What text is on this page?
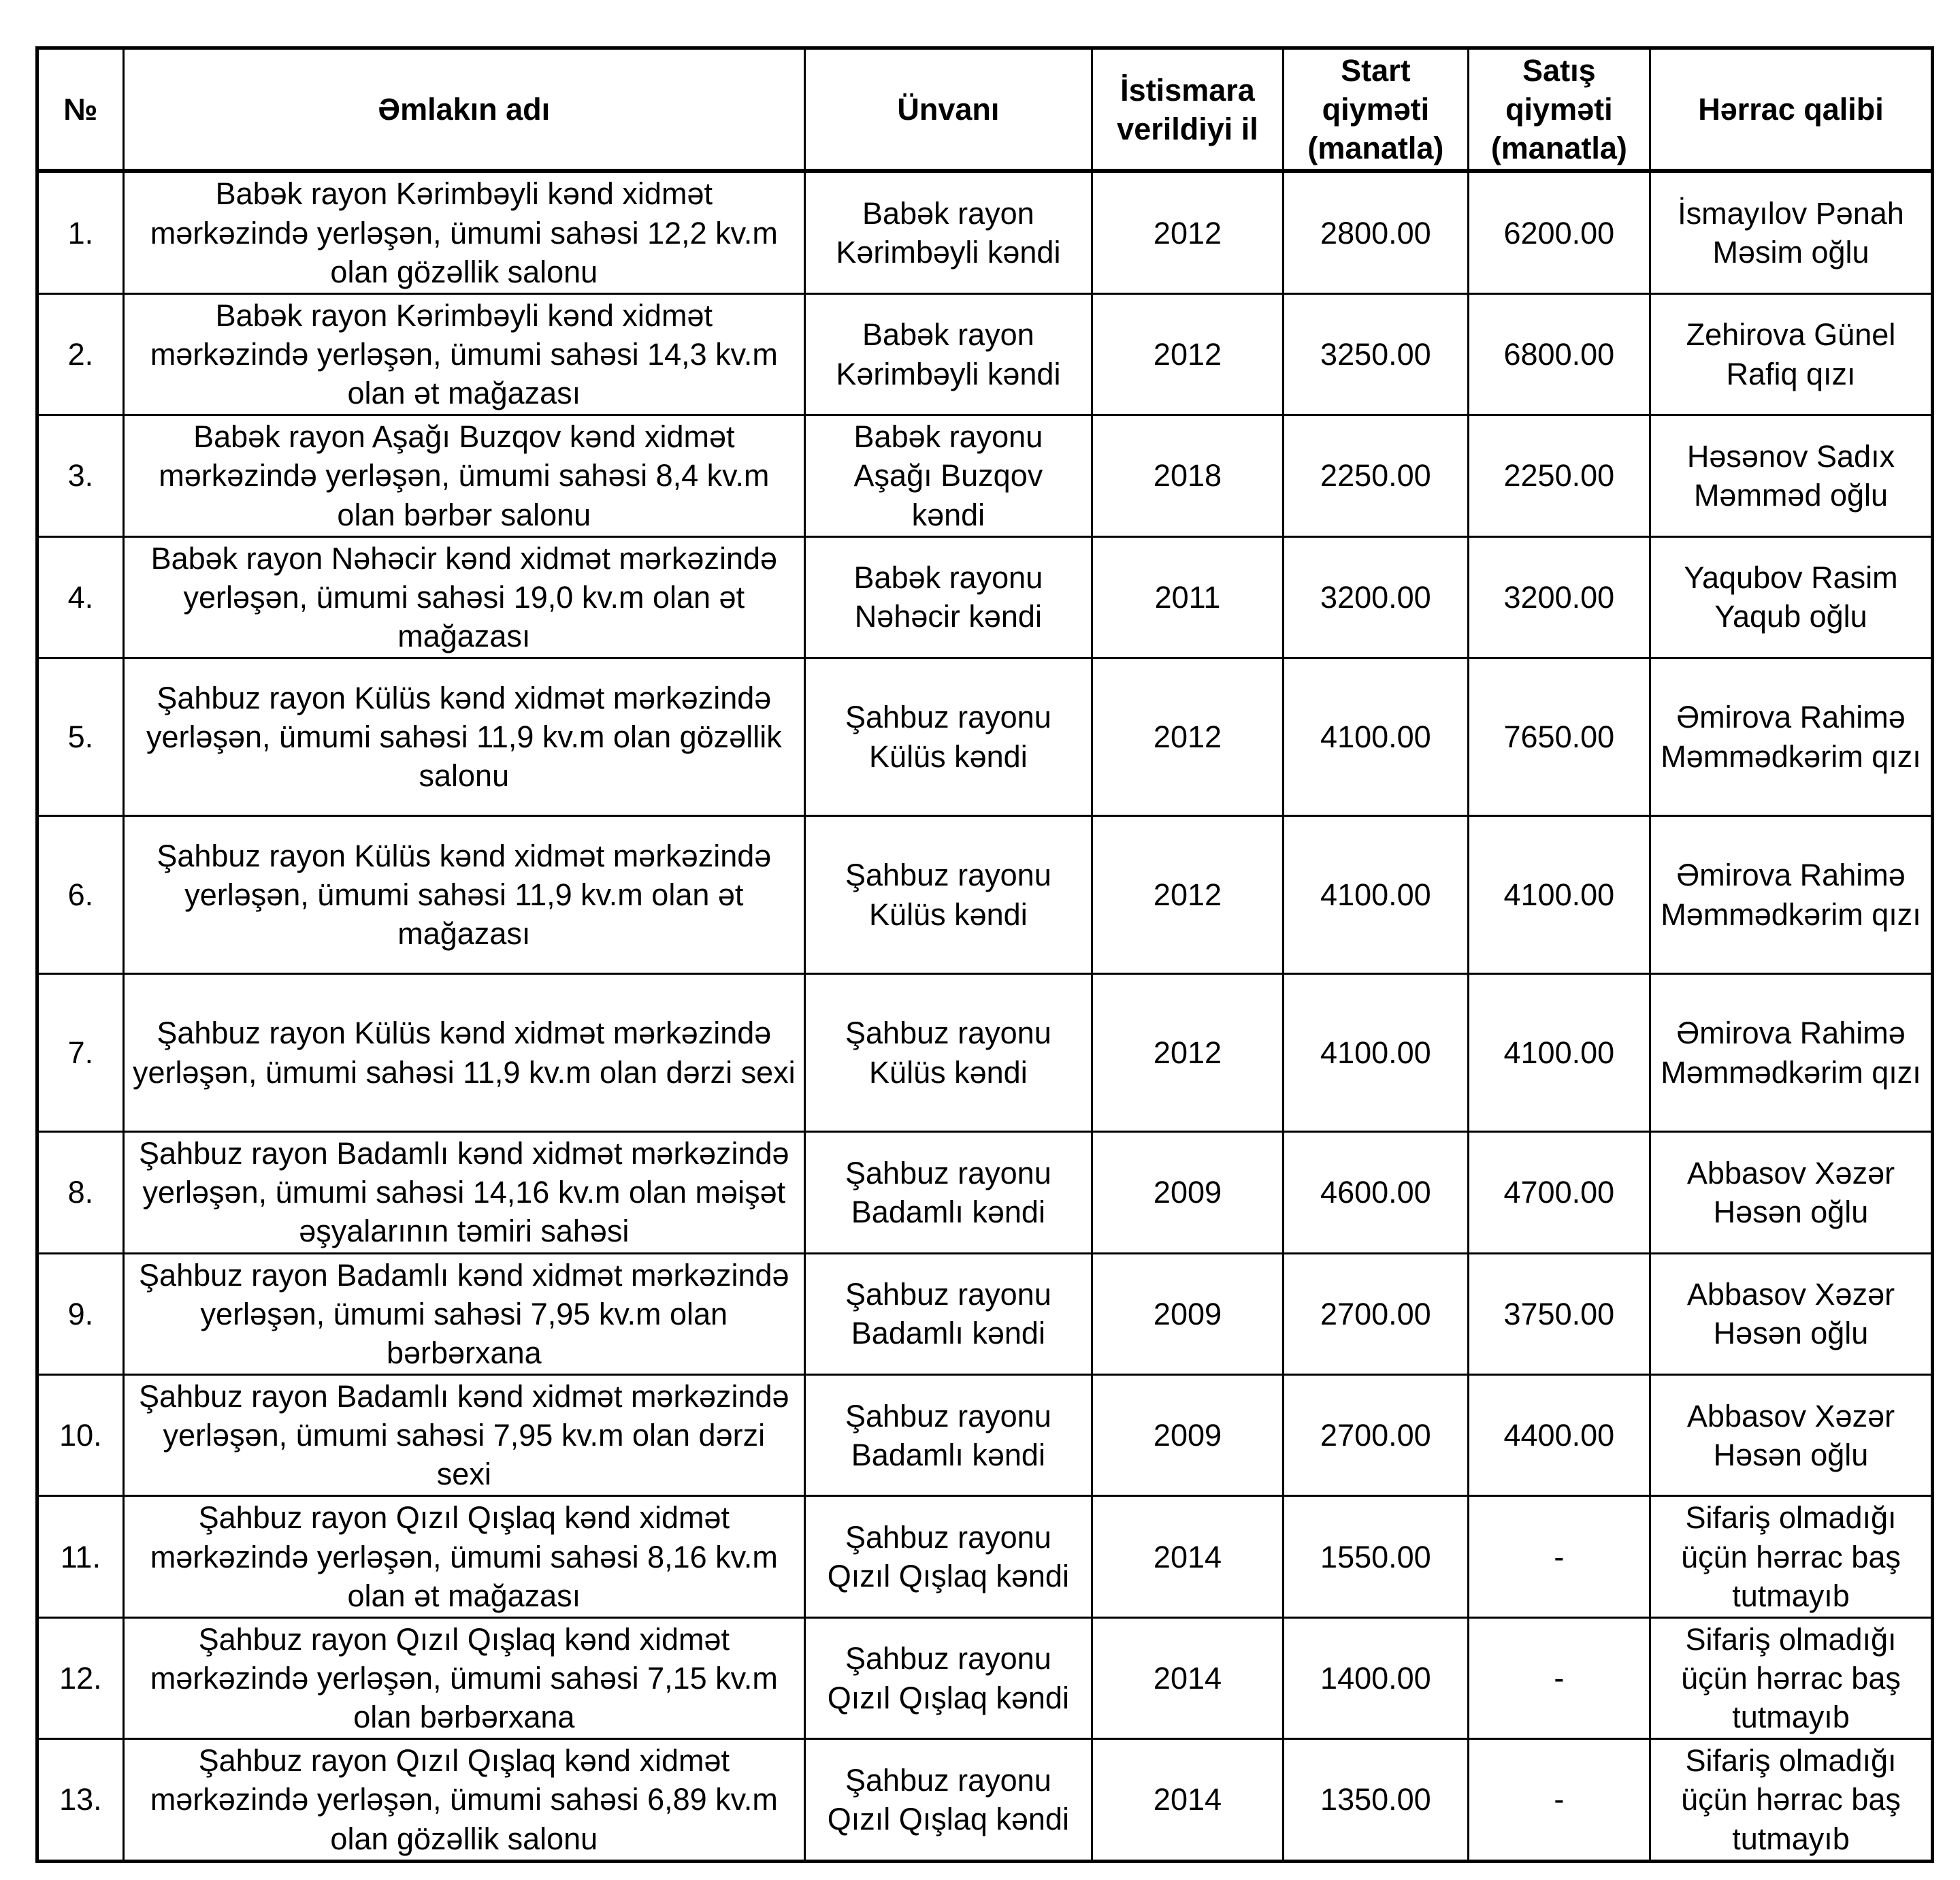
№	Əmlakın adı	Ünvanı	İstismara verildiyi il	Start qiyməti (manatla)	Satış qiyməti (manatla)	Hərrac qalibi
1.	Babək rayon Kərimbəyli kənd xidmət mərkəzində yerləşən, ümumi sahəsi 12,2 kv.m olan gözəllik salonu	Babək rayon Kərimbəyli kəndi	2012	2800.00	6200.00	İsmayılov Pənah Məsim oğlu
2.	Babək rayon Kərimbəyli kənd xidmət mərkəzində yerləşən, ümumi sahəsi 14,3 kv.m olan ət mağazası	Babək rayon Kərimbəyli kəndi	2012	3250.00	6800.00	Zehirova Günel Rafiq qızı
3.	Babək rayon Aşağı Buzqov kənd xidmət mərkəzində yerləşən, ümumi sahəsi 8,4 kv.m olan bərbər salonu	Babək rayonu Aşağı Buzqov kəndi	2018	2250.00	2250.00	Həsənov Sadıx Məmməd oğlu
4.	Babək rayon Nəhəcir kənd xidmət mərkəzində yerləşən, ümumi sahəsi 19,0 kv.m olan ət mağazası	Babək rayonu Nəhəcir kəndi	2011	3200.00	3200.00	Yaqubov Rasim Yaqub oğlu
5.	Şahbuz rayon Külüs kənd xidmət mərkəzində yerləşən, ümumi sahəsi 11,9 kv.m olan gözəllik salonu	Şahbuz rayonu Külüs kəndi	2012	4100.00	7650.00	Əmirova Rahimə Məmmədkərim qızı
6.	Şahbuz rayon Külüs kənd xidmət mərkəzində yerləşən, ümumi sahəsi 11,9 kv.m olan ət mağazası	Şahbuz rayonu Külüs kəndi	2012	4100.00	4100.00	Əmirova Rahimə Məmmədkərim qızı
7.	Şahbuz rayon Külüs kənd xidmət mərkəzində yerləşən, ümumi sahəsi 11,9 kv.m olan dərzi sexi	Şahbuz rayonu Külüs kəndi	2012	4100.00	4100.00	Əmirova Rahimə Məmmədkərim qızı
8.	Şahbuz rayon Badamlı kənd xidmət mərkəzində yerləşən, ümumi sahəsi 14,16 kv.m olan məişət əşyalarının təmiri sahəsi	Şahbuz rayonu Badamlı kəndi	2009	4600.00	4700.00	Abbasov Xəzər Həsən oğlu
9.	Şahbuz rayon Badamlı kənd xidmət mərkəzində yerləşən, ümumi sahəsi 7,95 kv.m olan bərbərxana	Şahbuz rayonu Badamlı kəndi	2009	2700.00	3750.00	Abbasov Xəzər Həsən oğlu
10.	Şahbuz rayon Badamlı kənd xidmət mərkəzində yerləşən, ümumi sahəsi 7,95 kv.m olan dərzi sexi	Şahbuz rayonu Badamlı kəndi	2009	2700.00	4400.00	Abbasov Xəzər Həsən oğlu
11.	Şahbuz rayon Qızıl Qışlaq kənd xidmət mərkəzində yerləşən, ümumi sahəsi 8,16 kv.m olan ət mağazası	Şahbuz rayonu Qızıl Qışlaq kəndi	2014	1550.00	-	Sifariş olmadığı üçün hərrac baş tutmayıb
12.	Şahbuz rayon Qızıl Qışlaq kənd xidmət mərkəzində yerləşən, ümumi sahəsi 7,15 kv.m olan bərbərxana	Şahbuz rayonu Qızıl Qışlaq kəndi	2014	1400.00	-	Sifariş olmadığı üçün hərrac baş tutmayıb
13.	Şahbuz rayon Qızıl Qışlaq kənd xidmət mərkəzində yerləşən, ümumi sahəsi 6,89 kv.m olan gözəllik salonu	Şahbuz rayonu Qızıl Qışlaq kəndi	2014	1350.00	-	Sifariş olmadığı üçün hərrac baş tutmayıb
